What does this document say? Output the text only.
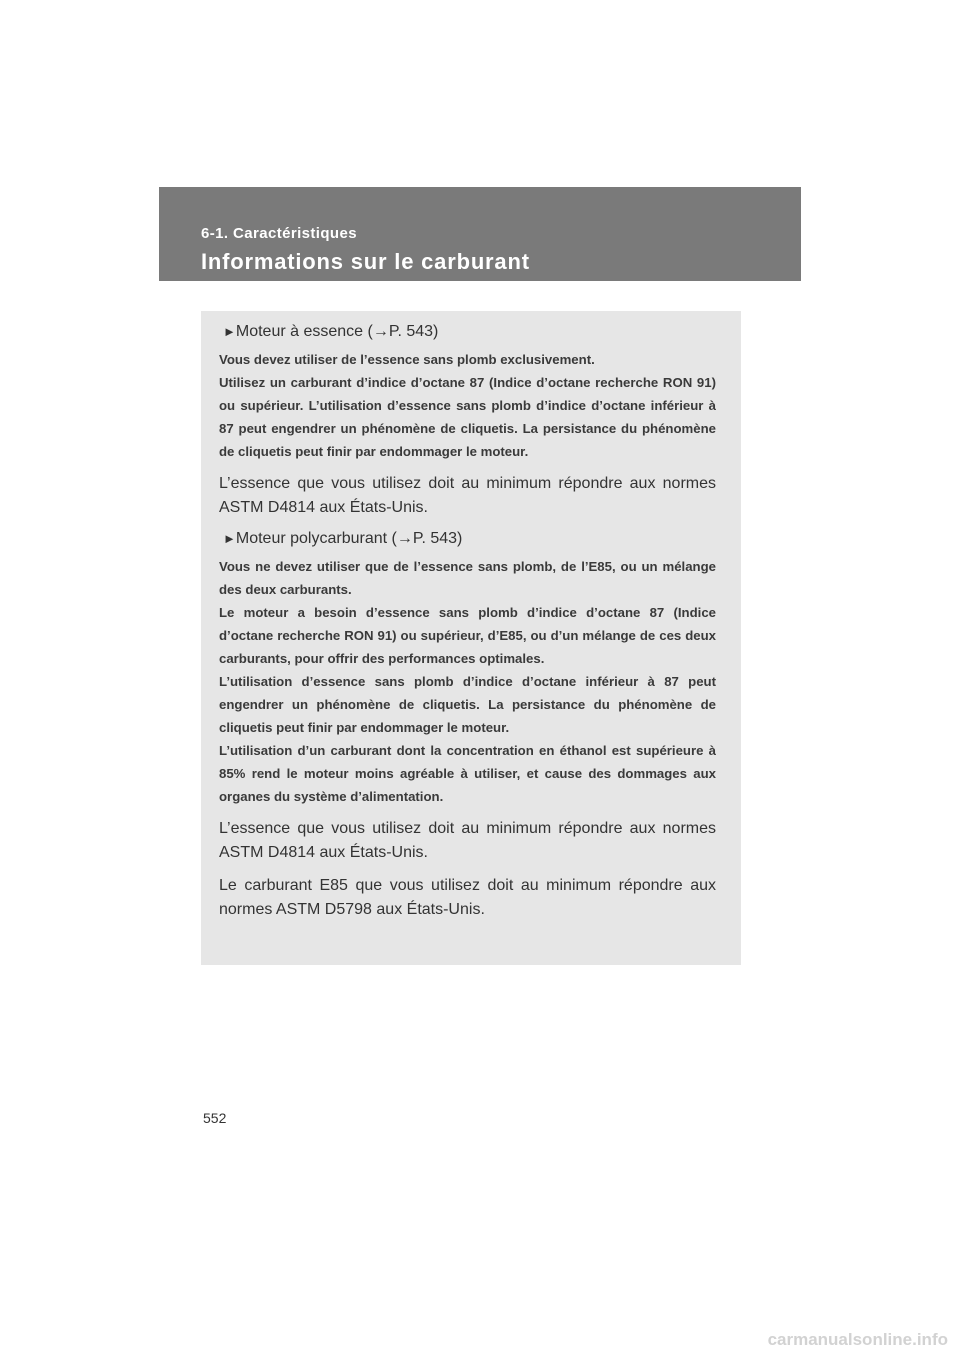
6-1. Caractéristiques
Informations sur le carburant
►Moteur à essence (→P. 543)

Vous devez utiliser de l’essence sans plomb exclusivement.

Utilisez un carburant d’indice d’octane 87 (Indice d’octane recherche RON 91) ou supérieur. L’utilisation d’essence sans plomb d’indice d’octane inférieur à 87 peut engendrer un phénomène de cliquetis. La persistance du phénomène de cliquetis peut finir par endommager le moteur.

L’essence que vous utilisez doit au minimum répondre aux normes ASTM D4814 aux États-Unis.

►Moteur polycarburant (→P. 543)

Vous ne devez utiliser que de l’essence sans plomb, de l’E85, ou un mélange des deux carburants.

Le moteur a besoin d’essence sans plomb d’indice d’octane 87 (Indice d’octane recherche RON 91) ou supérieur, d’E85, ou d’un mélange de ces deux carburants, pour offrir des performances optimales.

L’utilisation d’essence sans plomb d’indice d’octane inférieur à 87 peut engendrer un phénomène de cliquetis. La persistance du phénomène de cliquetis peut finir par endommager le moteur.

L’utilisation d’un carburant dont la concentration en éthanol est supérieure à 85% rend le moteur moins agréable à utiliser, et cause des dommages aux organes du système d’alimentation.

L’essence que vous utilisez doit au minimum répondre aux normes ASTM D4814 aux États-Unis.

Le carburant E85 que vous utilisez doit au minimum répondre aux normes ASTM D5798 aux États-Unis.

552
carmanualsonline.info
